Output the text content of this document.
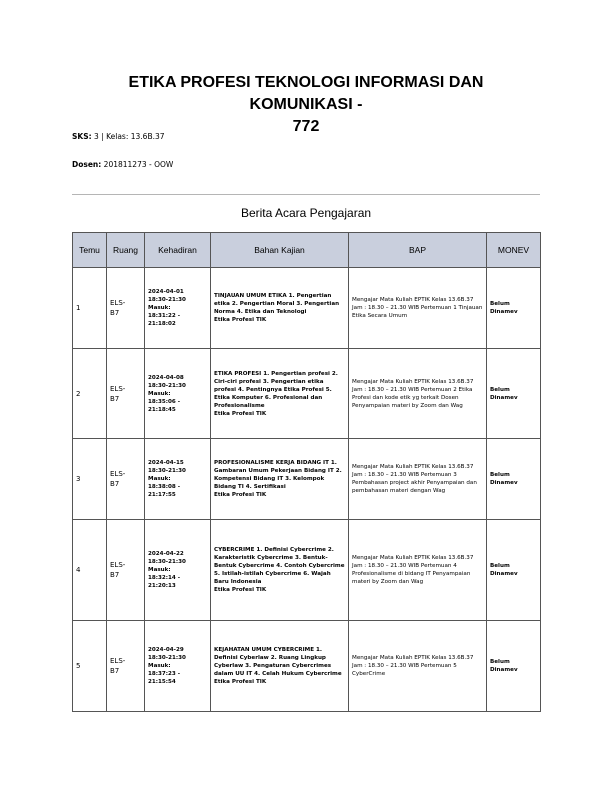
ETIKA PROFESI TEKNOLOGI INFORMASI DAN KOMUNIKASI -
772
SKS: 3 | Kelas: 13.6B.37
Dosen: 201811273 - OOW
Berita Acara Pengajaran
Temu	Ruang	Kehadiran	Bahan Kajian	BAP	MONEV
1	ELS-
B7	2024-04-01
18:30-21:30
Masuk:
18:31:22 -
21:18:02	TINJAUAN UMUM ETIKA 1. Pengertian etika 2. Pengertian Moral 3. Pengertian Norma 4. Etika dan Teknologi
Etika Profesi TIK	Mengajar Mata Kuliah EPTIK Kelas 13.6B.37 Jam : 18.30 – 21.30 WIB Pertemuan 1 Tinjauan Etika Secara Umum	Belum
Dinamev
2	ELS-
B7	2024-04-08
18:30-21:30
Masuk:
18:35:06 -
21:18:45	ETIKA PROFESI 1. Pengertian profesi 2. Ciri-ciri profesi 3. Pengertian etika profesi 4. Pentingnya Etika Profesi 5. Etika Komputer 6. Profesional dan Profesionalisme
Etika Profesi TIK	Mengajar Mata Kuliah EPTIK Kelas 13.6B.37 Jam : 18.30 – 21.30 WIB Pertemuan 2 Etika Profesi dan kode etik yg terkait Dosen Penyampaian materi by Zoom dan Wag	Belum
Dinamev
3	ELS-
B7	2024-04-15
18:30-21:30
Masuk:
18:38:08 -
21:17:55	PROFESIONALISME KERJA BIDANG IT 1. Gambaran Umum Pekerjaan Bidang IT 2. Kompetensi Bidang IT 3. Kelompok Bidang TI 4. Sertifikasi
Etika Profesi TIK	Mengajar Mata Kuliah EPTIK Kelas 13.6B.37 Jam : 18.30 – 21.30 WIB Pertemuan 3 Pembahasan project akhir Penyampaian dan pembahasan materi dengan Wag	Belum
Dinamev
4	ELS-
B7	2024-04-22
18:30-21:30
Masuk:
18:32:14 -
21:20:13	CYBERCRIME 1. Definisi Cybercrime 2. Karakteristik Cybercrime 3. Bentuk-Bentuk Cybercrime 4. Contoh Cybercrime 5. Istilah-istilah Cybercrime 6. Wajah Baru Indonesia
Etika Profesi TIK	Mengajar Mata Kuliah EPTIK Kelas 13.6B.37 Jam : 18.30 – 21.30 WIB Pertemuan 4 Profesionalisme di bidang IT Penyampaian materi by Zoom dan Wag	Belum
Dinamev
5	ELS-
B7	2024-04-29
18:30-21:30
Masuk:
18:37:23 -
21:15:54	KEJAHATAN UMUM CYBERCRIME 1. Definisi Cyberlaw 2. Ruang Lingkup Cyberlaw 3. Pengaturan Cybercrimes dalam UU IT 4. Celah Hukum Cybercrime
Etika Profesi TIK	Mengajar Mata Kuliah EPTIK Kelas 13.6B.37 Jam : 18.30 – 21.30 WIB Pertemuan 5 CyberCrime	Belum
Dinamev
